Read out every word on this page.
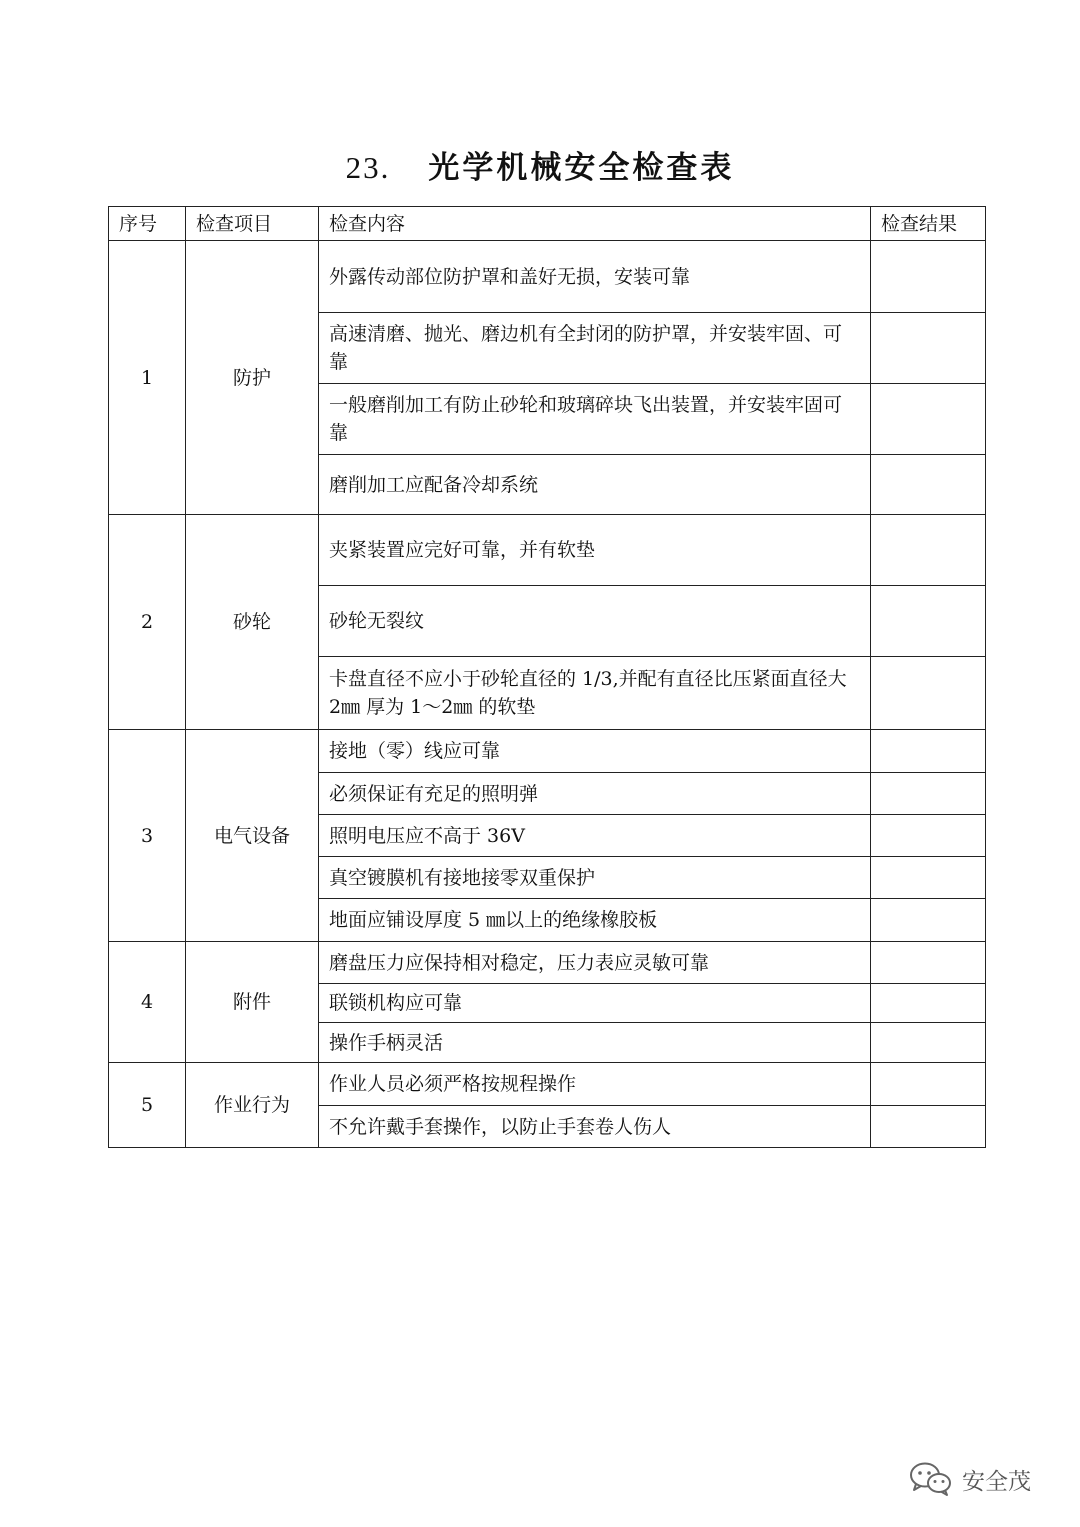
23. 光学机械安全检查表
序号	检查项目	检查内容	检查结果
1	防护	外露传动部位防护罩和盖好无损，安装可靠	
		高速清磨、抛光、磨边机有全封闭的防护罩，并安装牢固、可靠	
		一般磨削加工有防止砂轮和玻璃碎块飞出装置，并安装牢固可靠	
		磨削加工应配备冷却系统	
2	砂轮	夹紧装置应完好可靠，并有软垫	
		砂轮无裂纹	
		卡盘直径不应小于砂轮直径的 1/3,并配有直径比压紧面直径大 2㎜ 厚为 1～2㎜ 的软垫	
3	电气设备	接地（零）线应可靠	
		必须保证有充足的照明弹	
		照明电压应不高于 36V	
		真空镀膜机有接地接零双重保护	
		地面应铺设厚度 5 ㎜以上的绝缘橡胶板	
4	附件	磨盘压力应保持相对稳定，压力表应灵敏可靠	
		联锁机构应可靠	
		操作手柄灵活	
5	作业行为	作业人员必须严格按规程操作	
		不允许戴手套操作，以防止手套卷人伤人	
安全茂
